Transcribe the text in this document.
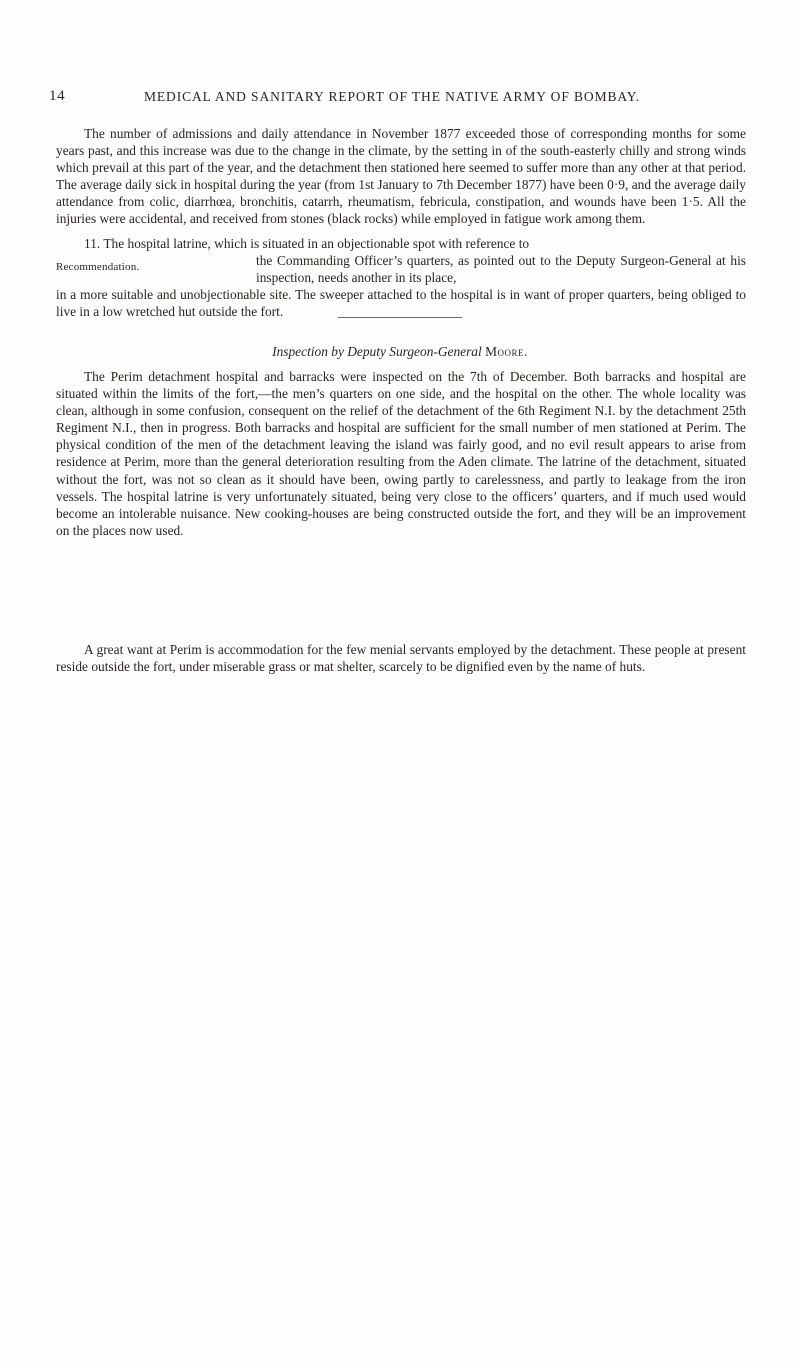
14	MEDICAL AND SANITARY REPORT OF THE NATIVE ARMY OF BOMBAY.

The number of admissions and daily attendance in November 1877 exceeded those of corresponding months for some years past, and this increase was due to the change in the climate, by the setting in of the south-easterly chilly and strong winds which prevail at this part of the year, and the detachment then stationed here seemed to suffer more than any other at that period. The average daily sick in hospital during the year (from 1st January to 7th December 1877) have been 0·9, and the average daily attendance from colic, diarrhœa, bronchitis, catarrh, rheumatism, febricula, constipation, and wounds have been 1·5. All the injuries were accidental, and received from stones (black rocks) while employed in fatigue work among them.

11. The hospital latrine, which is situated in an objectionable spot with reference to

Recommendation.	the Commanding Officer’s quarters, as pointed out to the Deputy Surgeon-General at his inspection, needs another in its place,

in a more suitable and unobjectionable site. The sweeper attached to the hospital is in want of proper quarters, being obliged to live in a low wretched hut outside the fort.

Inspection by Deputy Surgeon-General Moore.

The Perim detachment hospital and barracks were inspected on the 7th of December. Both barracks and hospital are situated within the limits of the fort,—the men’s quarters on one side, and the hospital on the other. The whole locality was clean, although in some confusion, consequent on the relief of the detachment of the 6th Regiment N.I. by the detachment 25th Regiment N.I., then in progress. Both barracks and hospital are sufficient for the small number of men stationed at Perim. The physical condition of the men of the detachment leaving the island was fairly good, and no evil result appears to arise from residence at Perim, more than the general deterioration resulting from the Aden climate. The latrine of the detachment, situated without the fort, was not so clean as it should have been, owing partly to carelessness, and partly to leakage from the iron vessels. The hospital latrine is very unfortunately situated, being very close to the officers’ quarters, and if much used would become an intolerable nuisance. New cooking-houses are being constructed outside the fort, and they will be an improvement on the places now used.

A great want at Perim is accommodation for the few menial servants employed by the detachment. These people at present reside outside the fort, under miserable grass or mat shelter, scarcely to be dignified even by the name of huts.
